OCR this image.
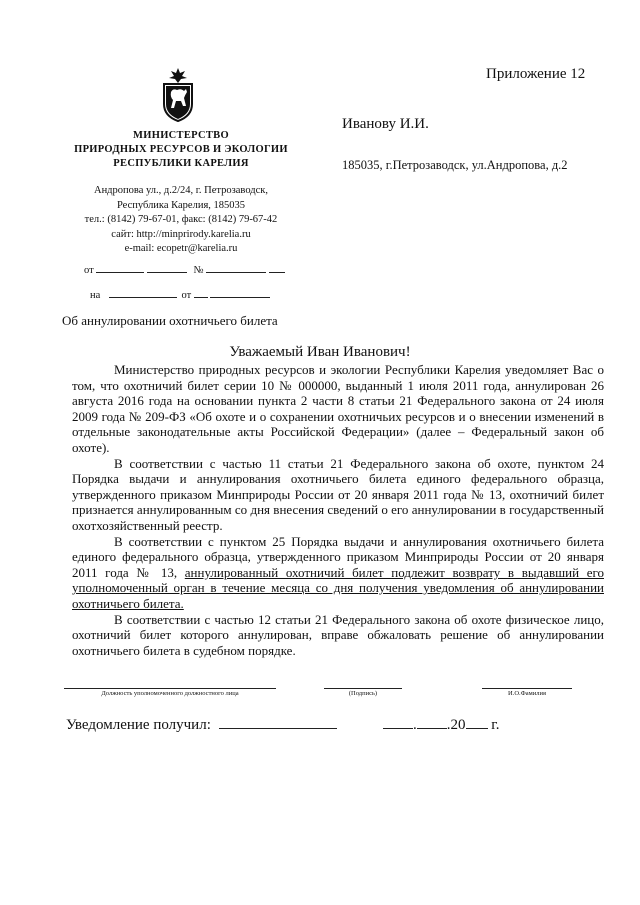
Приложение 12
МИНИСТЕРСТВО
ПРИРОДНЫХ РЕСУРСОВ И ЭКОЛОГИИ
РЕСПУБЛИКИ КАРЕЛИЯ
Андропова ул., д.2/24, г. Петрозаводск,
Республика Карелия, 185035
тел.: (8142) 79-67-01, факс: (8142) 79-67-42
сайт: http://minprirody.karelia.ru
e-mail: ecopetr@karelia.ru
от	№
на	от
Иванову И.И.
185035, г.Петрозаводск, ул.Андропова, д.2
Об аннулировании охотничьего билета
Уважаемый Иван Иванович!

Министерство природных ресурсов и экологии Республики Карелия уведомляет Вас о том, что охотничий билет серии 10 № 000000, выданный 1 июля 2011 года, аннулирован 26 августа 2016 года на основании пункта 2 части 8 статьи 21 Федерального закона от 24 июля 2009 года № 209-ФЗ «Об охоте и о сохранении охотничьих ресурсов и о внесении изменений в отдельные законодательные акты Российской Федерации» (далее – Федеральный закон об охоте).

В соответствии с частью 11 статьи 21 Федерального закона об охоте, пунктом 24 Порядка выдачи и аннулирования охотничьего билета единого федерального образца, утвержденного приказом Минприроды России от 20 января 2011 года № 13, охотничий билет признается аннулированным со дня внесения сведений о его аннулировании в государственный охотхозяйственный реестр.

В соответствии с пунктом 25 Порядка выдачи и аннулирования охотничьего билета единого федерального образца, утвержденного приказом Минприроды России от 20 января 2011 года № 13, аннулированный охотничий билет подлежит возврату в выдавший его уполномоченный орган в течение месяца со дня получения уведомления об аннулировании охотничьего билета.

В соответствии с частью 12 статьи 21 Федерального закона об охоте физическое лицо, охотничий билет которого аннулирован, вправе обжаловать решение об аннулировании охотничьего билета в судебном порядке.

Должность уполномоченного должностного лица	(Подпись)	И.О.Фамилия
Уведомление получил:	. .20 г.
